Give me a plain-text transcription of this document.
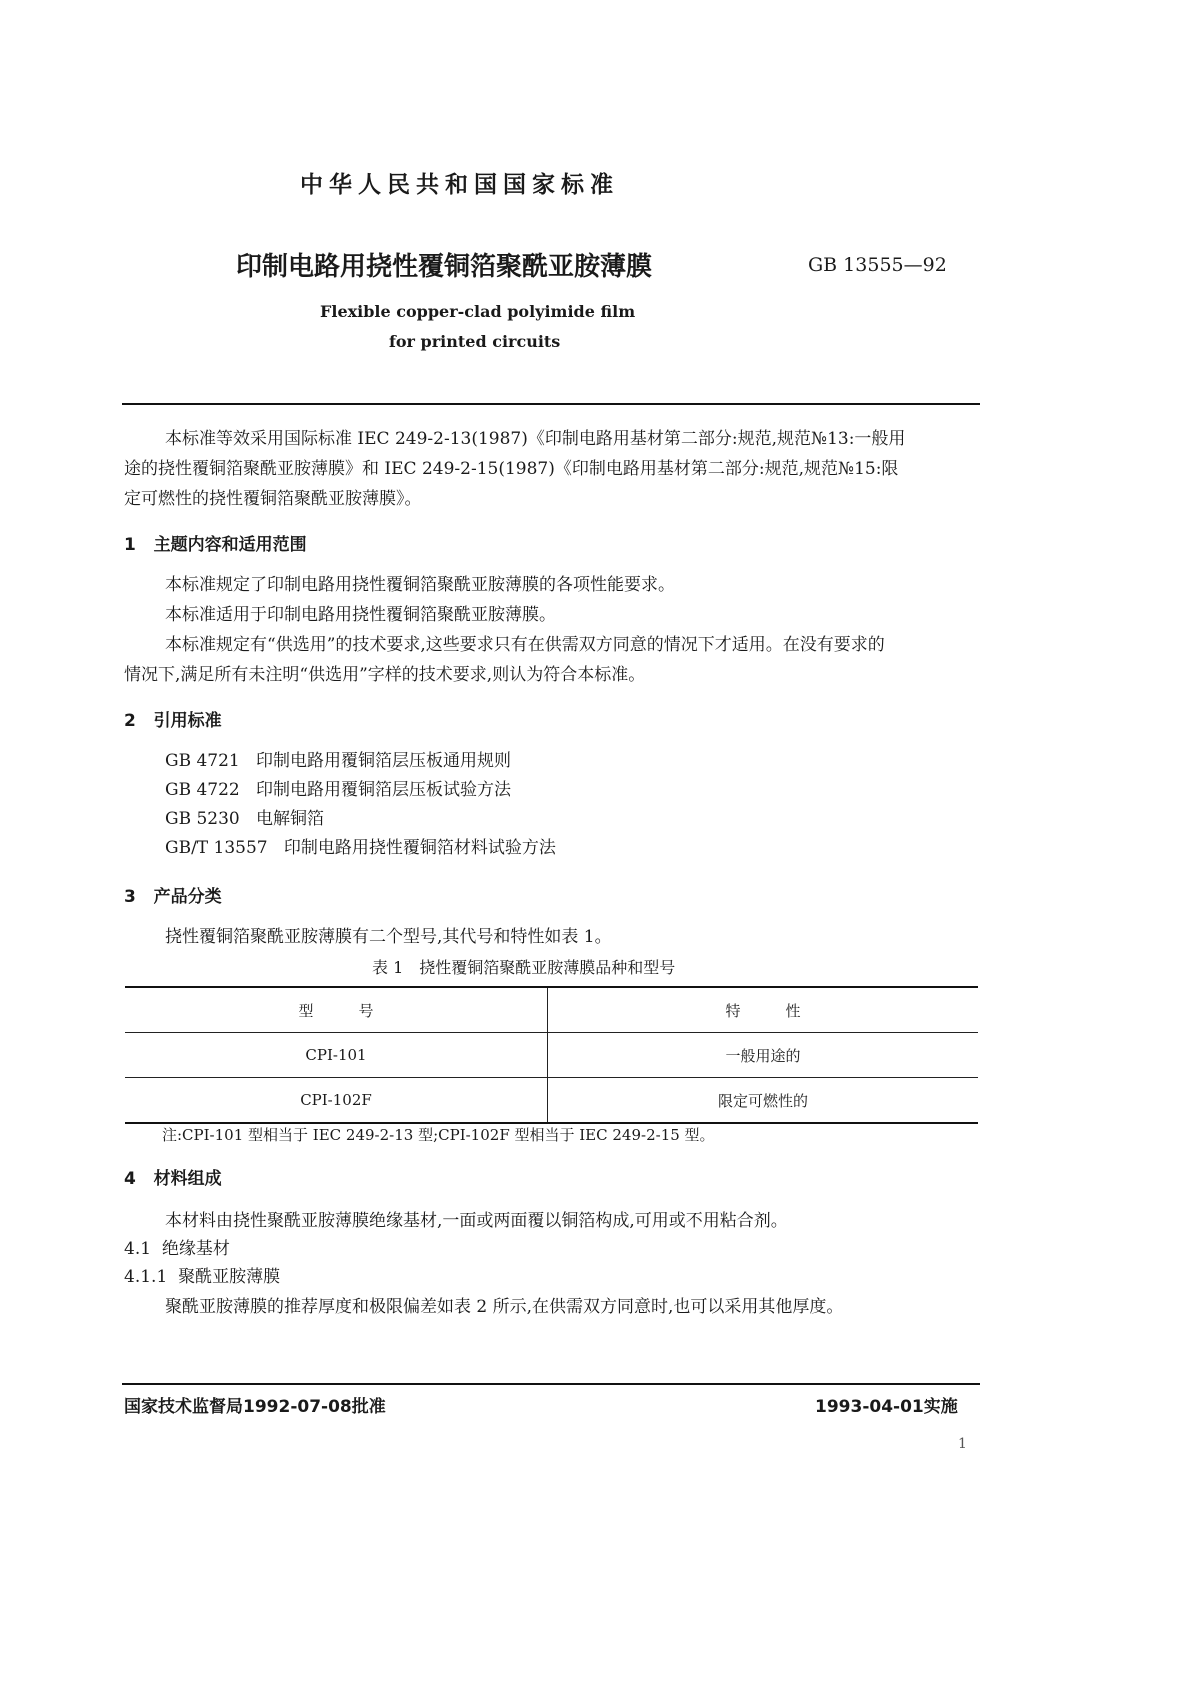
中华人民共和国国家标准
印制电路用挠性覆铜箔聚酰亚胺薄膜	GB 13555—92
Flexible copper-clad polyimide film
for printed circuits
本标准等效采用国际标准 IEC 249-2-13(1987)《印制电路用基材第二部分:规范,规范№13:一般用
途的挠性覆铜箔聚酰亚胺薄膜》和 IEC 249-2-15(1987)《印制电路用基材第二部分:规范,规范№15:限
定可燃性的挠性覆铜箔聚酰亚胺薄膜》。
1 主题内容和适用范围
本标准规定了印制电路用挠性覆铜箔聚酰亚胺薄膜的各项性能要求。
本标准适用于印制电路用挠性覆铜箔聚酰亚胺薄膜。
本标准规定有“供选用”的技术要求,这些要求只有在供需双方同意的情况下才适用。在没有要求的
情况下,满足所有未注明“供选用”字样的技术要求,则认为符合本标准。
2 引用标准
GB 4721 印制电路用覆铜箔层压板通用规则
GB 4722 印制电路用覆铜箔层压板试验方法
GB 5230 电解铜箔
GB/T 13557 印制电路用挠性覆铜箔材料试验方法
3 产品分类
挠性覆铜箔聚酰亚胺薄膜有二个型号,其代号和特性如表 1。
表 1　挠性覆铜箔聚酰亚胺薄膜品种和型号
型　　　号	特　　　性
CPI-101	一般用途的
CPI-102F	限定可燃性的
注:CPI-101 型相当于 IEC 249-2-13 型;CPI-102F 型相当于 IEC 249-2-15 型。
4 材料组成
本材料由挠性聚酰亚胺薄膜绝缘基材,一面或两面覆以铜箔构成,可用或不用粘合剂。
4.1 绝缘基材
4.1.1 聚酰亚胺薄膜
聚酰亚胺薄膜的推荐厚度和极限偏差如表 2 所示,在供需双方同意时,也可以采用其他厚度。
国家技术监督局1992-07-08批准	1993-04-01实施
1
